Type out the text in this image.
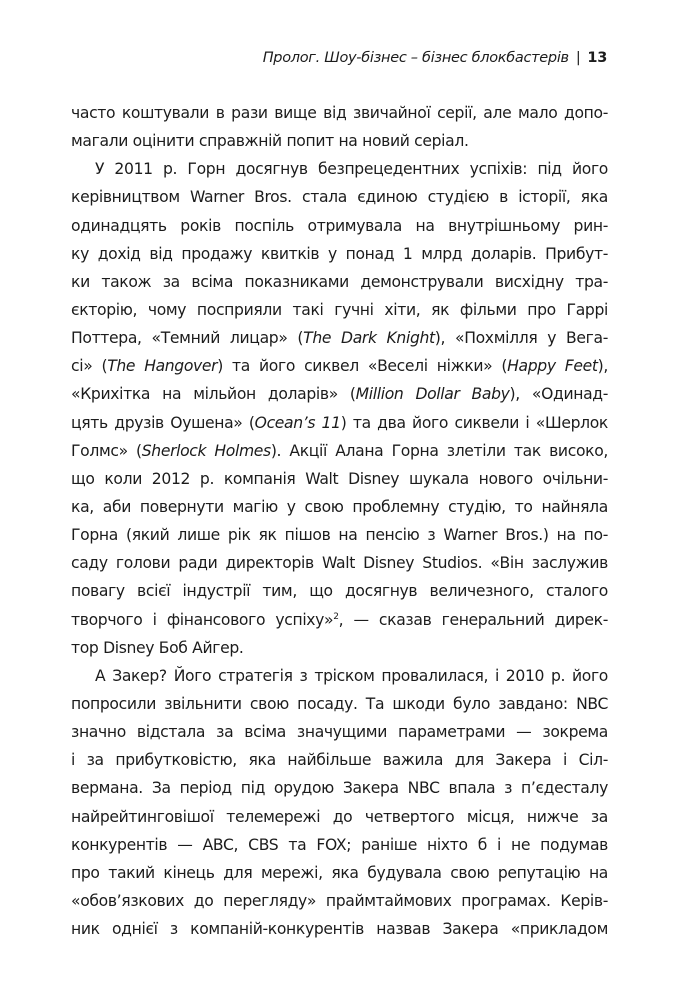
Пролог. Шоу-бізнес – бізнес блокбастерів | 13
часто коштували в рази вище від звичайної серії, але мало допо-
магали оцінити справжній попит на новий серіал.
У 2011 р. Горн досягнув безпрецедентних успіхів: під його
керівництвом Warner Bros. стала єдиною студією в історії, яка
одинадцять років поспіль отримувала на внутрішньому рин-
ку дохід від продажу квитків у понад 1 млрд доларів. Прибут-
ки також за всіма показниками демонстрували висхідну тра-
єкторію, чому посприяли такі гучні хіти, як фільми про Гаррі
Поттера, «Темний лицар» (The Dark Knight), «Похмілля у Вега-
сі» (The Hangover) та його сиквел «Веселі ніжки» (Happy Feet),
«Крихітка на мільйон доларів» (Million Dollar Baby), «Одинад-
цять друзів Оушена» (Ocean’s 11) та два його сиквели і «Шерлок
Голмс» (Sherlock Holmes). Акції Алана Горна злетіли так високо,
що коли 2012 р. компанія Walt Disney шукала нового очільни-
ка, аби повернути магію у свою проблемну студію, то найняла
Горна (який лише рік як пішов на пенсію з Warner Bros.) на по-
саду голови ради директорів Walt Disney Studios. «Він заслужив
повагу всієї індустрії тим, що досягнув величезного, сталого
творчого і фінансового успіху»$^2$, — сказав генеральний дирек-
тор Disney Боб Айгер.
А Закер? Його стратегія з тріском провалилася, і 2010 р. його
попросили звільнити свою посаду. Та шкоди було завдано: NBC
значно відстала за всіма значущими параметрами — зокрема
і за прибутковістю, яка найбільше важила для Закера і Сіл-
вермана. За період під орудою Закера NBC впала з п’єдесталу
найрейтинговішої телемережі до четвертого місця, нижче за
конкурентів — ABC, CBS та FOX; раніше ніхто б і не подумав
про такий кінець для мережі, яка будувала свою репутацію на
«обов’язкових до перегляду» праймтаймових програмах. Керів-
ник однієї з компаній-конкурентів назвав Закера «прикладом
